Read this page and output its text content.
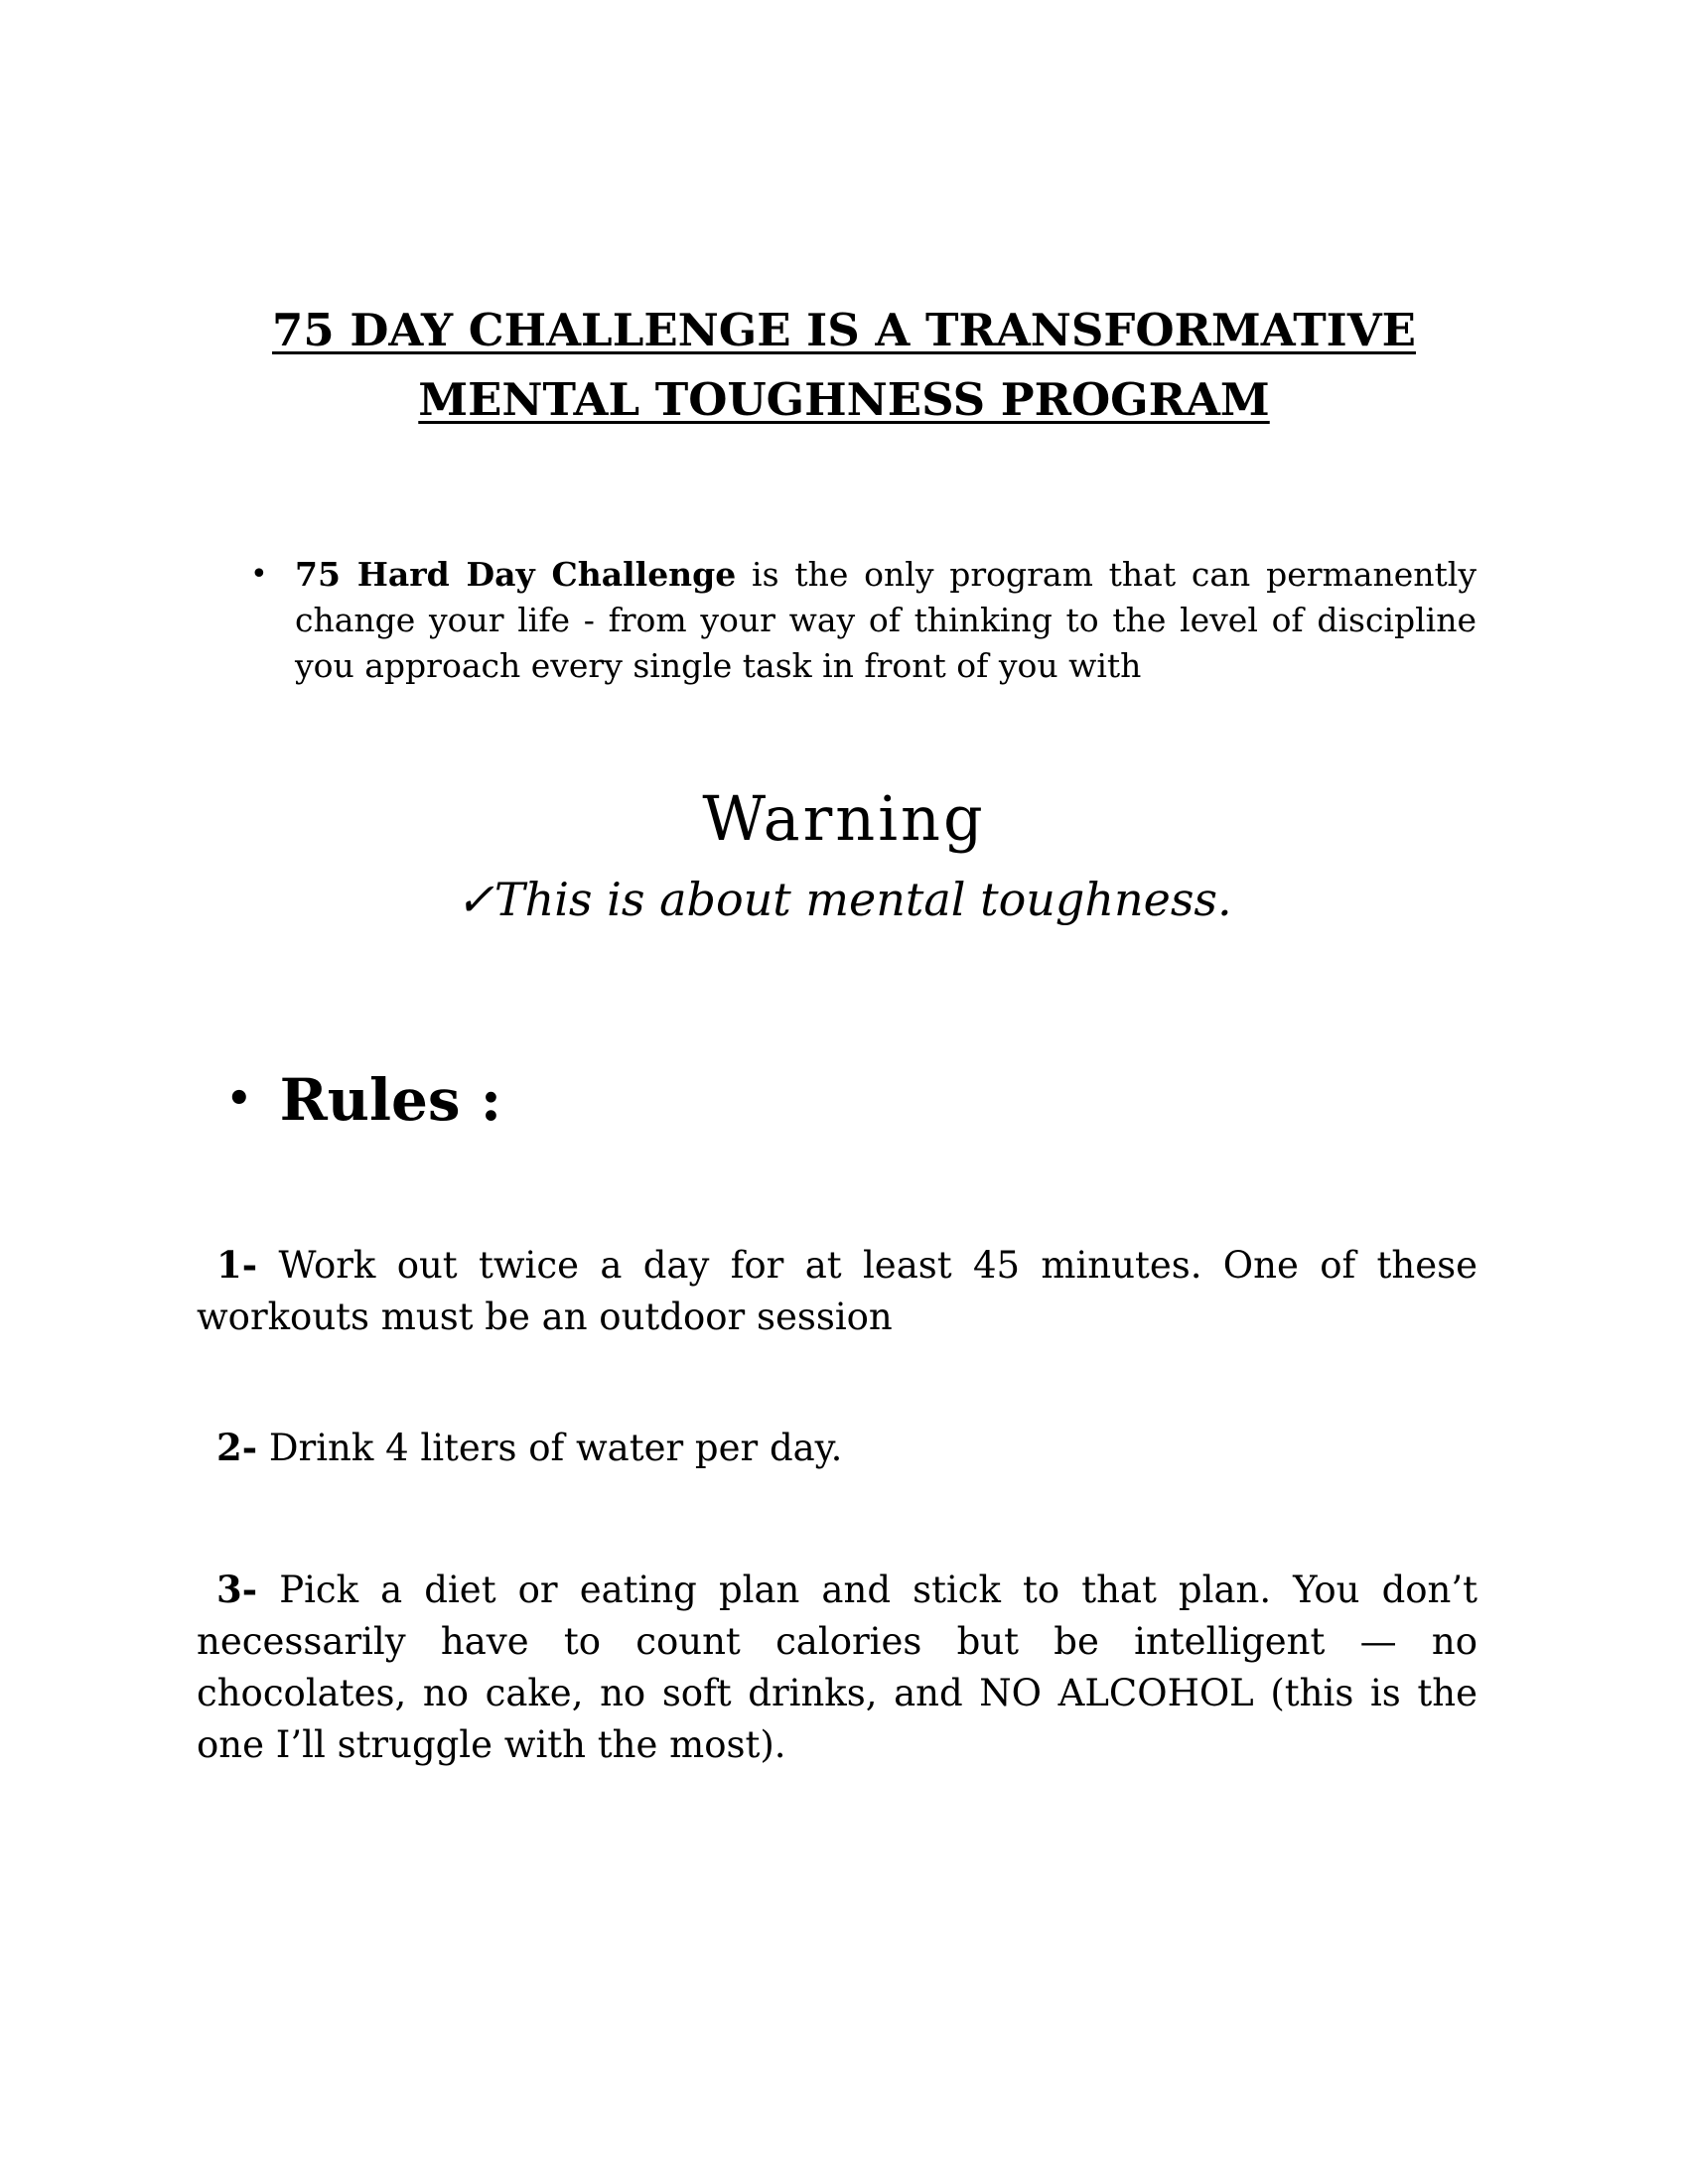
75 DAY CHALLENGE IS A TRANSFORMATIVE
MENTAL TOUGHNESS PROGRAM
• 75 Hard Day Challenge is the only program that can permanently change your life - from your way of thinking to the level of discipline you approach every single task in front of you with
Warning
✓This is about mental toughness.
• Rules :
1- Work out twice a day for at least 45 minutes. One of these workouts must be an outdoor session
2- Drink 4 liters of water per day.
3- Pick a diet or eating plan and stick to that plan. You don’t necessarily have to count calories but be intelligent — no chocolates, no cake, no soft drinks, and NO ALCOHOL (this is the one I’ll struggle with the most).
